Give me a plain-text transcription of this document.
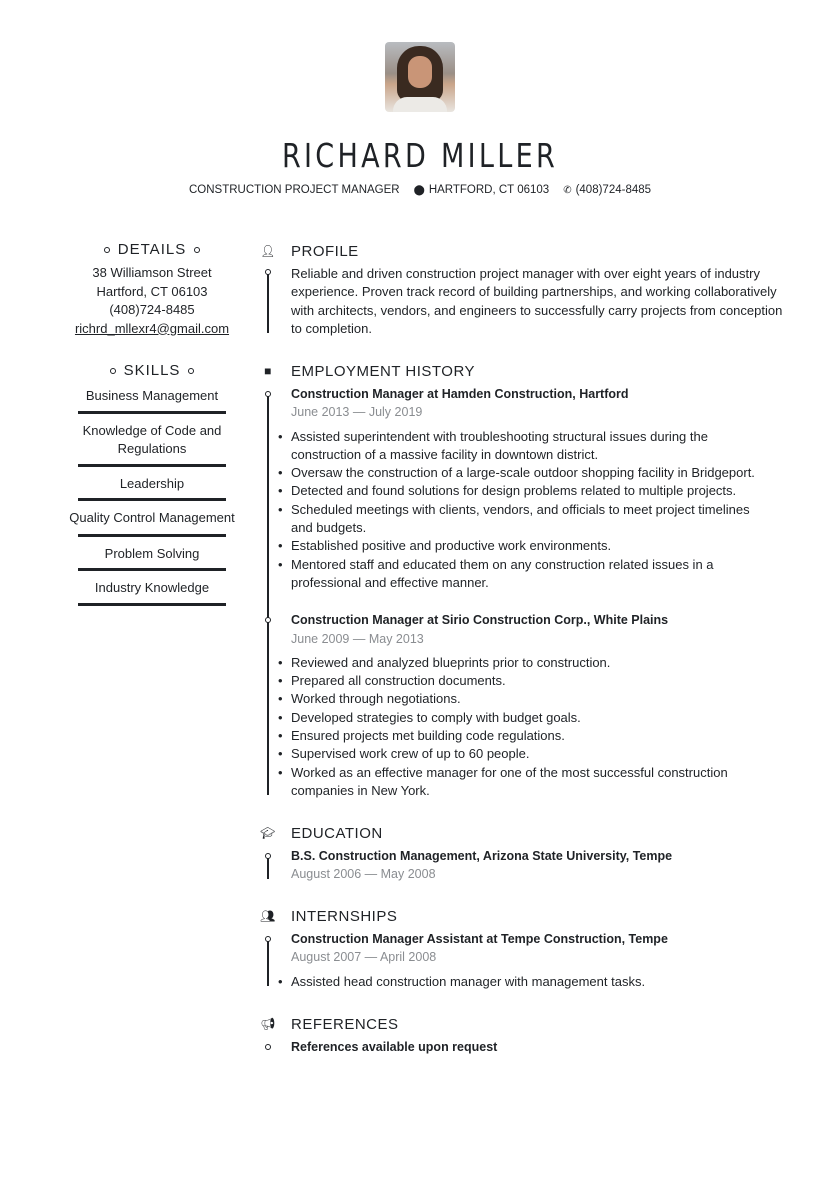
RICHARD MILLER
CONSTRUCTION PROJECT MANAGER ⬤ HARTFORD, CT 06103 ✆ (408)724-8485
DETAILS
38 Williamson Street
Hartford, CT 06103
(408)724-8485
richrd_mllexr4@gmail.com
SKILLS
Business Management
Knowledge of Code and Regulations
Leadership
Quality Control Management
Problem Solving
Industry Knowledge
👤︎ PROFILE
Reliable and driven construction project manager with over eight years of industry experience. Proven track record of building partnerships, and working collaboratively with architects, vendors, and engineers to successfully carry projects from conception to completion.
■ EMPLOYMENT HISTORY
Construction Manager at Hamden Construction, Hartford
June 2013 — July 2019
• Assisted superintendent with troubleshooting structural issues during the construction of a massive facility in downtown district.
• Oversaw the construction of a large-scale outdoor shopping facility in Bridgeport.
• Detected and found solutions for design problems related to multiple projects.
• Scheduled meetings with clients, vendors, and officials to meet project timelines and budgets.
• Established positive and productive work environments.
• Mentored staff and educated them on any construction related issues in a professional and effective manner.
Construction Manager at Sirio Construction Corp., White Plains
June 2009 — May 2013
• Reviewed and analyzed blueprints prior to construction.
• Prepared all construction documents.
• Worked through negotiations.
• Developed strategies to comply with budget goals.
• Ensured projects met building code regulations.
• Supervised work crew of up to 60 people.
• Worked as an effective manager for one of the most successful construction companies in New York.
🎓︎ EDUCATION
B.S. Construction Management, Arizona State University, Tempe
August 2006 — May 2008
👥︎ INTERNSHIPS
Construction Manager Assistant at Tempe Construction, Tempe
August 2007 — April 2008
• Assisted head construction manager with management tasks.
📢︎ REFERENCES
References available upon request
